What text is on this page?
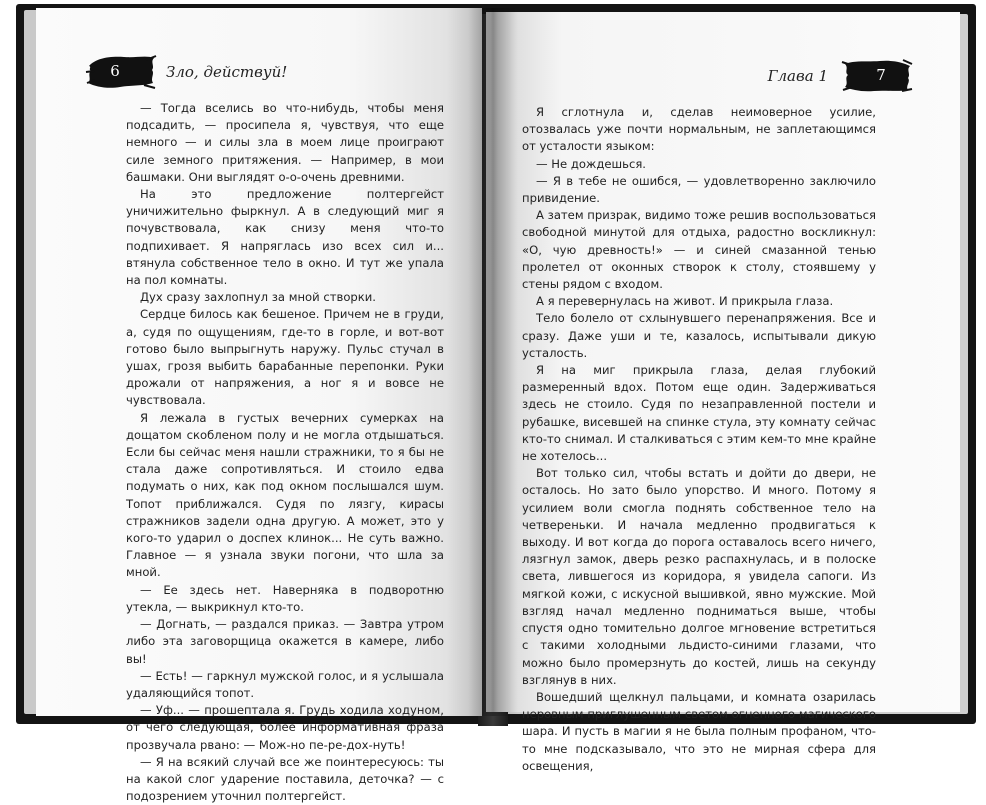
6	Зло, действуй!

— Тогда вселись во что-нибудь, чтобы меня подсадить, — просипела я, чувствуя, что еще немного — и силы зла в моем лице проиграют силе земного притяжения. — Например, в мои башмаки. Они выглядят о-о-очень древними.

На это предложение полтергейст уничижительно фыркнул. А в следующий миг я почувствовала, как снизу меня что-то подпихивает. Я напряглась изо всех сил и... втянула собственное тело в окно. И тут же упала на пол комнаты.

Дух сразу захлопнул за мной створки.

Сердце билось как бешеное. Причем не в груди, а, судя по ощущениям, где-то в горле, и вот-вот готово было выпрыгнуть наружу. Пульс стучал в ушах, грозя выбить барабанные перепонки. Руки дрожали от напряжения, а ног я и вовсе не чувствовала.

Я лежала в густых вечерних сумерках на дощатом скобленом полу и не могла отдышаться. Если бы сейчас меня нашли стражники, то я бы не стала даже сопротивляться. И стоило едва подумать о них, как под окном послышался шум. Топот приближался. Судя по лязгу, кирасы стражников задели одна другую. А может, это у кого-то ударил о доспех клинок... Не суть важно. Главное — я узнала звуки погони, что шла за мной.

— Ее здесь нет. Наверняка в подворотню утекла, — выкрикнул кто-то.

— Догнать, — раздался приказ. — Завтра утром либо эта заговорщица окажется в камере, либо вы!

— Есть! — гаркнул мужской голос, и я услышала удаляющийся топот.

— Уф... — прошептала я. Грудь ходила ходуном, от чего следующая, более информативная фраза прозвучала рвано: — Мож-но пе-ре-дох-нуть!

— Я на всякий случай все же поинтересуюсь: ты на какой слог ударение поставила, деточка? — с подозрением уточнил полтергейст.

7
Глава 1

Я сглотнула и, сделав неимоверное усилие, отозвалась уже почти нормальным, не заплетающимся от усталости языком:

— Не дождешься.

— Я в тебе не ошибся, — удовлетворенно заключило привидение.

А затем призрак, видимо тоже решив воспользоваться свободной минутой для отдыха, радостно воскликнул: «О, чую древность!» — и синей смазанной тенью пролетел от оконных створок к столу, стоявшему у стены рядом с входом.

А я перевернулась на живот. И прикрыла глаза.

Тело болело от схлынувшего перенапряжения. Все и сразу. Даже уши и те, казалось, испытывали дикую усталость.

Я на миг прикрыла глаза, делая глубокий размеренный вдох. Потом еще один. Задерживаться здесь не стоило. Судя по незаправленной постели и рубашке, висевшей на спинке стула, эту комнату сейчас кто-то снимал. И сталкиваться с этим кем-то мне крайне не хотелось...

Вот только сил, чтобы встать и дойти до двери, не осталось. Но зато было упорство. И много. Потому я усилием воли смогла поднять собственное тело на четвереньки. И начала медленно продвигаться к выходу. И вот когда до порога оставалось всего ничего, лязгнул замок, дверь резко распахнулась, и в полоске света, лившегося из коридора, я увидела сапоги. Из мягкой кожи, с искусной вышивкой, явно мужские. Мой взгляд начал медленно подниматься выше, чтобы спустя одно томительно долгое мгновение встретиться с такими холодными льдисто-синими глазами, что можно было промерзнуть до костей, лишь на секунду взглянув в них.

Вошедший щелкнул пальцами, и комната озарилась неровным приглушенным светом огненного магического шара. И пусть в магии я не была полным профаном, что-то мне подсказывало, что это не мирная сфера для освещения,
